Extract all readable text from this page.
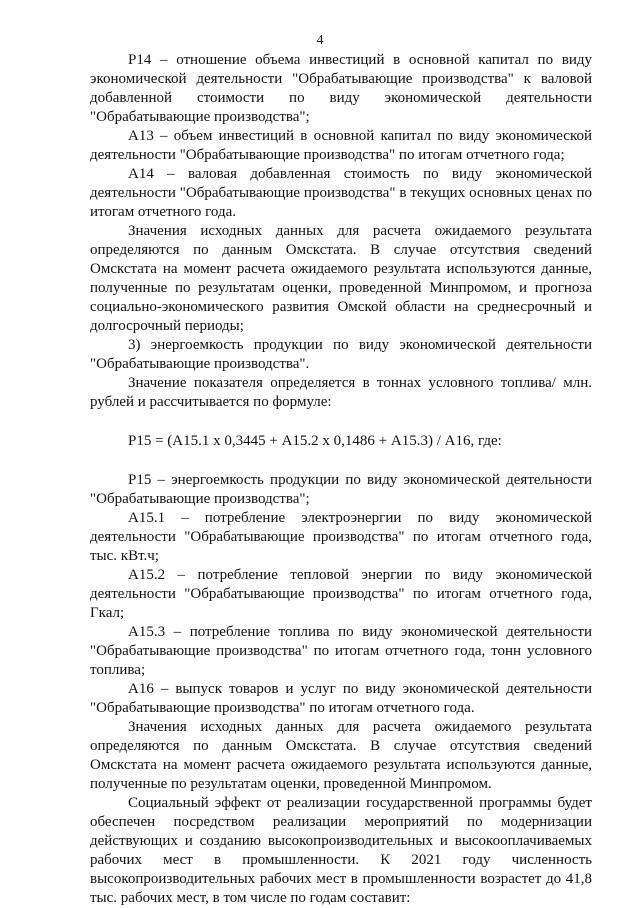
4

P14 – отношение объема инвестиций в основной капитал по виду экономической деятельности "Обрабатывающие производства" к валовой добавленной стоимости по виду экономической деятельности "Обрабатывающие производства";

А13 – объем инвестиций в основной капитал по виду экономической деятельности "Обрабатывающие производства" по итогам отчетного года;

А14 – валовая добавленная стоимость по виду экономической деятельности "Обрабатывающие производства" в текущих основных ценах по итогам отчетного года.

Значения исходных данных для расчета ожидаемого результата определяются по данным Омскстата. В случае отсутствия сведений Омскстата на момент расчета ожидаемого результата используются данные, полученные по результатам оценки, проведенной Минпромом, и прогноза социально-экономического развития Омской области на среднесрочный и долгосрочный периоды;

3) энергоемкость продукции по виду экономической деятельности "Обрабатывающие производства".

Значение показателя определяется в тоннах условного топлива/ млн. рублей и рассчитывается по формуле:

P15 = (А15.1 х 0,3445 + А15.2 х 0,1486 + А15.3) / А16, где:

P15 – энергоемкость продукции по виду экономической деятельности "Обрабатывающие производства";

А15.1 – потребление электроэнергии по виду экономической деятельности "Обрабатывающие производства" по итогам отчетного года, тыс. кВт.ч;

А15.2 – потребление тепловой энергии по виду экономической деятельности "Обрабатывающие производства" по итогам отчетного года, Гкал;

А15.3 – потребление топлива по виду экономической деятельности "Обрабатывающие производства" по итогам отчетного года, тонн условного топлива;

А16 – выпуск товаров и услуг по виду экономической деятельности "Обрабатывающие производства" по итогам отчетного года.

Значения исходных данных для расчета ожидаемого результата определяются по данным Омскстата. В случае отсутствия сведений Омскстата на момент расчета ожидаемого результата используются данные, полученные по результатам оценки, проведенной Минпромом.

Социальный эффект от реализации государственной программы будет обеспечен посредством реализации мероприятий по модернизации действующих и созданию высокопроизводительных и высокооплачиваемых рабочих мест в промышленности. К 2021 году численность высокопроизводительных рабочих мест в промышленности возрастет до 41,8 тыс. рабочих мест, в том числе по годам составит:
